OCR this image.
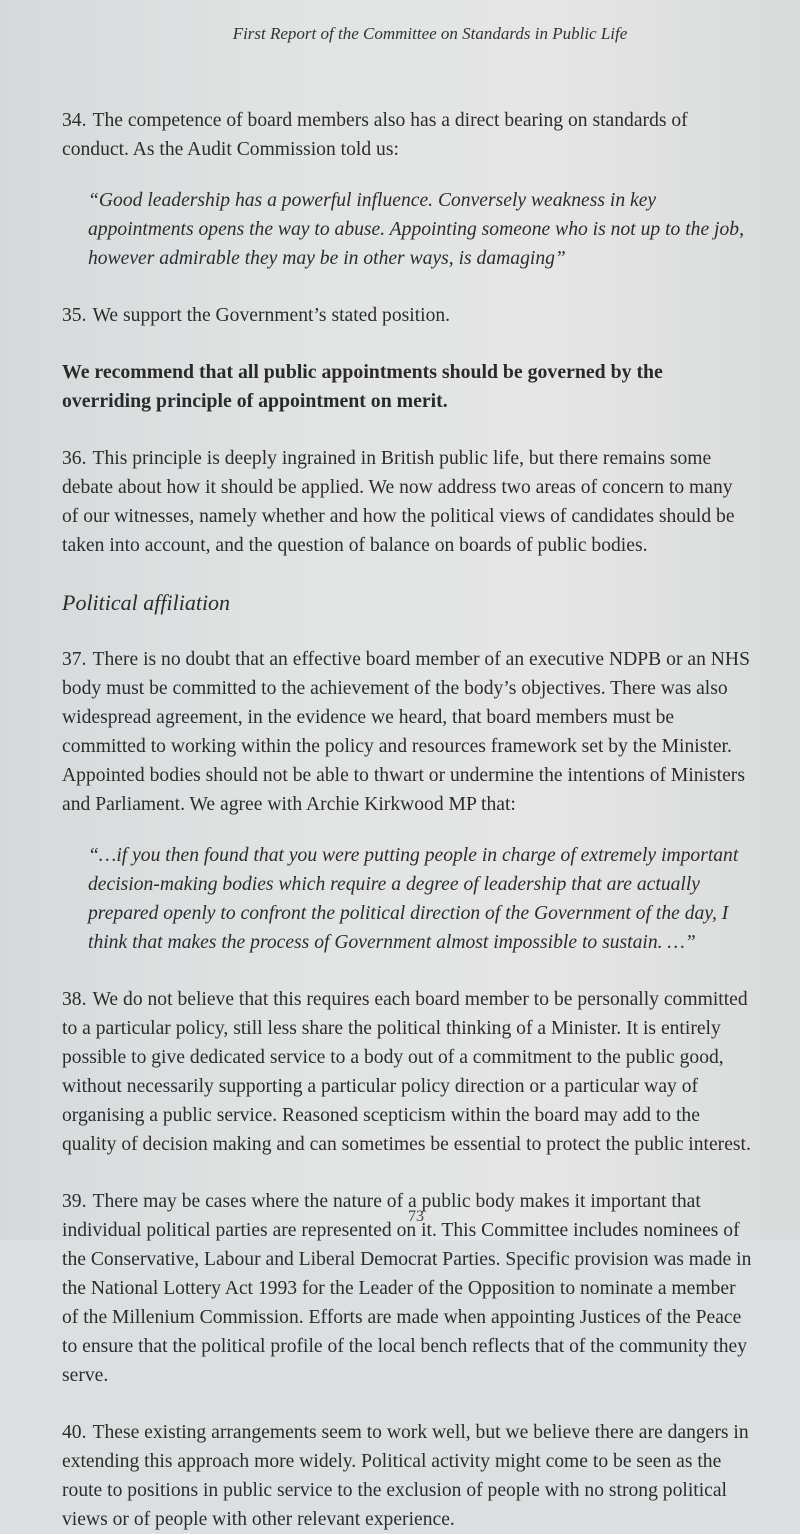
First Report of the Committee on Standards in Public Life

34. The competence of board members also has a direct bearing on standards of conduct. As the Audit Commission told us:

“Good leadership has a powerful influence. Conversely weakness in key appointments opens the way to abuse. Appointing someone who is not up to the job, however admirable they may be in other ways, is damaging”

35. We support the Government’s stated position.

We recommend that all public appointments should be governed by the overriding principle of appointment on merit.

36. This principle is deeply ingrained in British public life, but there remains some debate about how it should be applied. We now address two areas of concern to many of our witnesses, namely whether and how the political views of candidates should be taken into account, and the question of balance on boards of public bodies.

Political affiliation

37. There is no doubt that an effective board member of an executive NDPB or an NHS body must be committed to the achievement of the body’s objectives. There was also widespread agreement, in the evidence we heard, that board members must be committed to working within the policy and resources framework set by the Minister. Appointed bodies should not be able to thwart or undermine the intentions of Ministers and Parliament. We agree with Archie Kirkwood MP that:

“…if you then found that you were putting people in charge of extremely important decision-making bodies which require a degree of leadership that are actually prepared openly to confront the political direction of the Government of the day, I think that makes the process of Government almost impossible to sustain. …”

38. We do not believe that this requires each board member to be personally committed to a particular policy, still less share the political thinking of a Minister. It is entirely possible to give dedicated service to a body out of a commitment to the public good, without necessarily supporting a particular policy direction or a particular way of organising a public service. Reasoned scepticism within the board may add to the quality of decision making and can sometimes be essential to protect the public interest.

39. There may be cases where the nature of a public body makes it important that individual political parties are represented on it. This Committee includes nominees of the Conservative, Labour and Liberal Democrat Parties. Specific provision was made in the National Lottery Act 1993 for the Leader of the Opposition to nominate a member of the Millenium Commission. Efforts are made when appointing Justices of the Peace to ensure that the political profile of the local bench reflects that of the community they serve.

40. These existing arrangements seem to work well, but we believe there are dangers in extending this approach more widely. Political activity might come to be seen as the route to positions in public service to the exclusion of people with no strong political views or of people with other relevant experience.

73
